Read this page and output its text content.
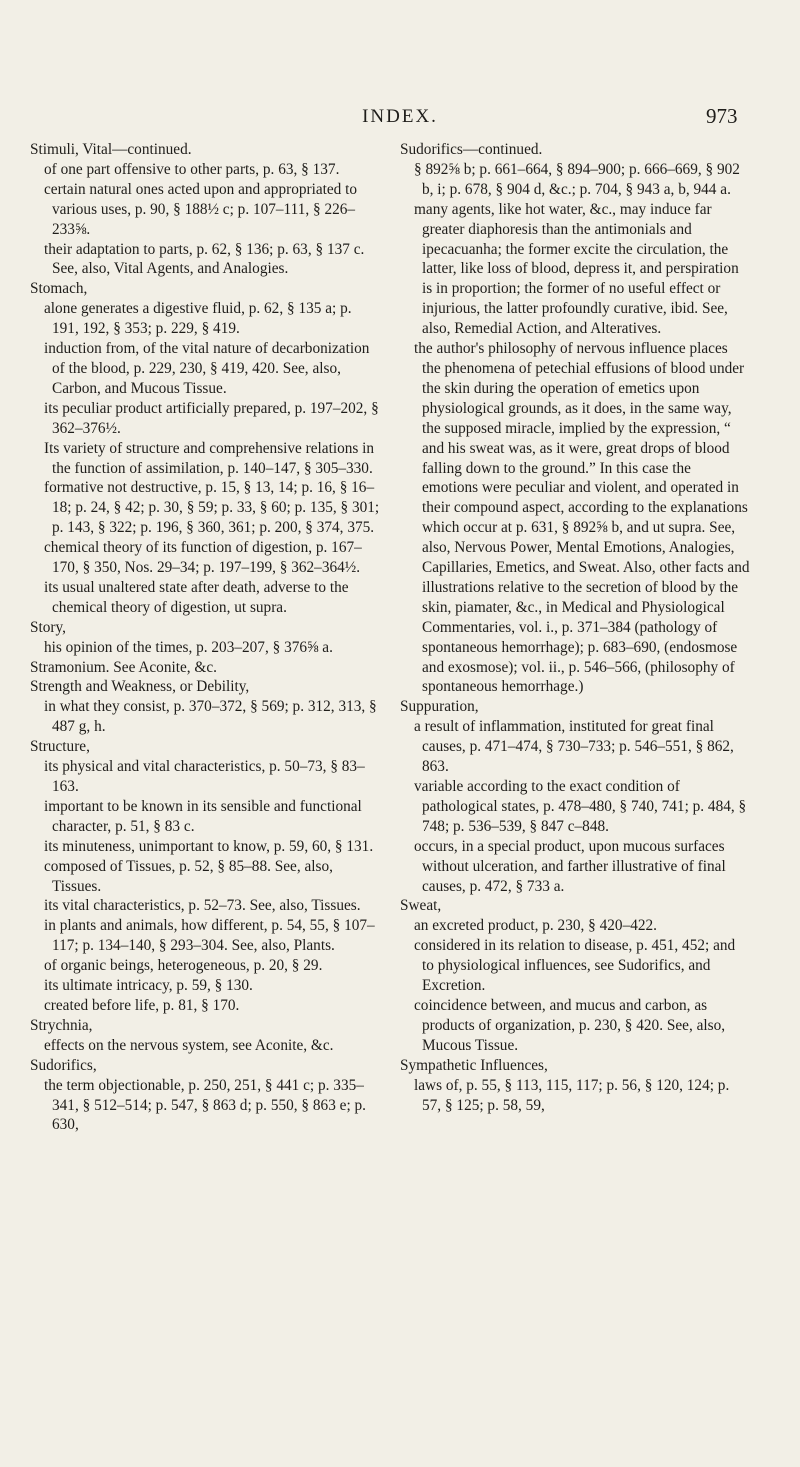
INDEX.	973

Stimuli, Vital—continued.

of one part offensive to other parts, p. 63, § 137.

certain natural ones acted upon and appropriated to various uses, p. 90, § 188½ c; p. 107–111, § 226–233⅝.

their adaptation to parts, p. 62, § 136; p. 63, § 137 c. See, also, Vital Agents, and Analogies.

Stomach,

alone generates a digestive fluid, p. 62, § 135 a; p. 191, 192, § 353; p. 229, § 419.

induction from, of the vital nature of decarbonization of the blood, p. 229, 230, § 419, 420. See, also, Carbon, and Mucous Tissue.

its peculiar product artificially prepared, p. 197–202, § 362–376½.

Its variety of structure and comprehensive relations in the function of assimilation, p. 140–147, § 305–330.

formative not destructive, p. 15, § 13, 14; p. 16, § 16–18; p. 24, § 42; p. 30, § 59; p. 33, § 60; p. 135, § 301; p. 143, § 322; p. 196, § 360, 361; p. 200, § 374, 375.

chemical theory of its function of digestion, p. 167–170, § 350, Nos. 29–34; p. 197–199, § 362–364½.

its usual unaltered state after death, adverse to the chemical theory of digestion, ut supra.

Story,

his opinion of the times, p. 203–207, § 376⅝ a.

Stramonium. See Aconite, &c.

Strength and Weakness, or Debility,

in what they consist, p. 370–372, § 569; p. 312, 313, § 487 g, h.

Structure,

its physical and vital characteristics, p. 50–73, § 83–163.

important to be known in its sensible and functional character, p. 51, § 83 c.

its minuteness, unimportant to know, p. 59, 60, § 131.

composed of Tissues, p. 52, § 85–88. See, also, Tissues.

its vital characteristics, p. 52–73. See, also, Tissues.

in plants and animals, how different, p. 54, 55, § 107–117; p. 134–140, § 293–304. See, also, Plants.

of organic beings, heterogeneous, p. 20, § 29.

its ultimate intricacy, p. 59, § 130.

created before life, p. 81, § 170.

Strychnia,

effects on the nervous system, see Aconite, &c.

Sudorifics,

the term objectionable, p. 250, 251, § 441 c; p. 335–341, § 512–514; p. 547, § 863 d; p. 550, § 863 e; p. 630,

Sudorifics—continued.

§ 892⅝ b; p. 661–664, § 894–900; p. 666–669, § 902 b, i; p. 678, § 904 d, &c.; p. 704, § 943 a, b, 944 a.

many agents, like hot water, &c., may induce far greater diaphoresis than the antimonials and ipecacuanha; the former excite the circulation, the latter, like loss of blood, depress it, and perspiration is in proportion; the former of no useful effect or injurious, the latter profoundly curative, ibid. See, also, Remedial Action, and Alteratives.

the author's philosophy of nervous influence places the phenomena of petechial effusions of blood under the skin during the operation of emetics upon physiological grounds, as it does, in the same way, the supposed miracle, implied by the expression, “ and his sweat was, as it were, great drops of blood falling down to the ground.” In this case the emotions were peculiar and violent, and operated in their compound aspect, according to the explanations which occur at p. 631, § 892⅝ b, and ut supra. See, also, Nervous Power, Mental Emotions, Analogies, Capillaries, Emetics, and Sweat. Also, other facts and illustrations relative to the secretion of blood by the skin, piamater, &c., in Medical and Physiological Commentaries, vol. i., p. 371–384 (pathology of spontaneous hemorrhage); p. 683–690, (endosmose and exosmose); vol. ii., p. 546–566, (philosophy of spontaneous hemorrhage.)

Suppuration,

a result of inflammation, instituted for great final causes, p. 471–474, § 730–733; p. 546–551, § 862, 863.

variable according to the exact condition of pathological states, p. 478–480, § 740, 741; p. 484, § 748; p. 536–539, § 847 c–848.

occurs, in a special product, upon mucous surfaces without ulceration, and farther illustrative of final causes, p. 472, § 733 a.

Sweat,

an excreted product, p. 230, § 420–422.

considered in its relation to disease, p. 451, 452; and to physiological influences, see Sudorifics, and Excretion.

coincidence between, and mucus and carbon, as products of organization, p. 230, § 420. See, also, Mucous Tissue.

Sympathetic Influences,

laws of, p. 55, § 113, 115, 117; p. 56, § 120, 124; p. 57, § 125; p. 58, 59,
